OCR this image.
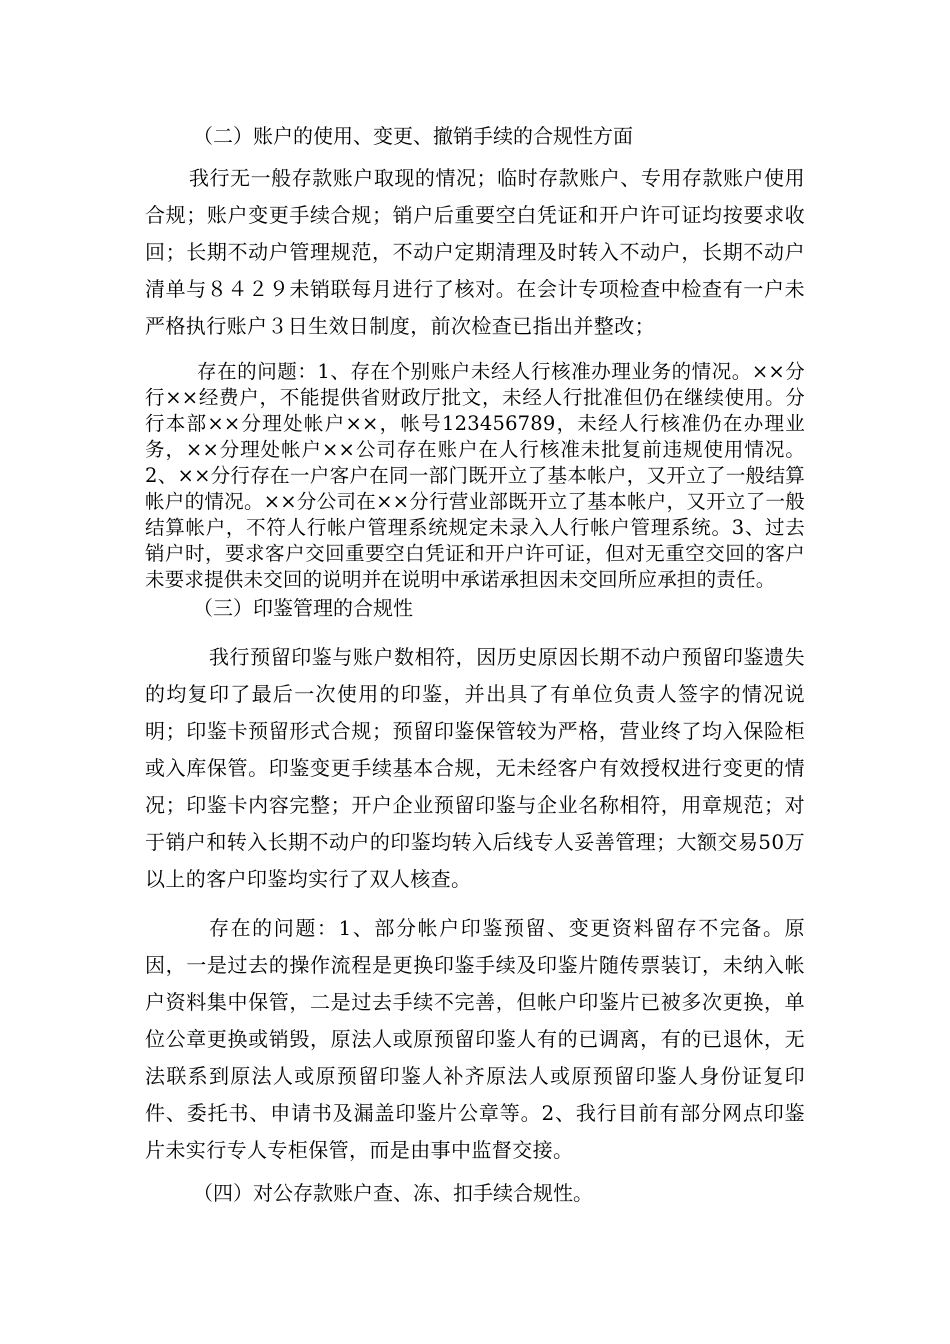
（二）账户的使用、变更、撤销手续的合规性方面

我行无一般存款账户取现的情况；临时存款账户、专用存款账户使用合规；账户变更手续合规；销户后重要空白凭证和开户许可证均按要求收回；长期不动户管理规范，不动户定期清理及时转入不动户，长期不动户清单与８４２９未销联每月进行了核对。在会计专项检查中检查有一户未严格执行账户３日生效日制度，前次检查已指出并整改；

存在的问题：1、存在个别账户未经人行核准办理业务的情况。××分行××经费户，不能提供省财政厅批文，未经人行批准但仍在继续使用。分行本部××分理处帐户××，帐号123456789，未经人行核准仍在办理业务，××分理处帐户××公司存在账户在人行核准未批复前违规使用情况。2、××分行存在一户客户在同一部门既开立了基本帐户，又开立了一般结算帐户的情况。××分公司在××分行营业部既开立了基本帐户，又开立了一般结算帐户，不符人行帐户管理系统规定未录入人行帐户管理系统。3、过去销户时，要求客户交回重要空白凭证和开户许可证，但对无重空交回的客户未要求提供未交回的说明并在说明中承诺承担因未交回所应承担的责任。

（三）印鉴管理的合规性

我行预留印鉴与账户数相符，因历史原因长期不动户预留印鉴遗失的均复印了最后一次使用的印鉴，并出具了有单位负责人签字的情况说明；印鉴卡预留形式合规；预留印鉴保管较为严格，营业终了均入保险柜或入库保管。印鉴变更手续基本合规，无未经客户有效授权进行变更的情况；印鉴卡内容完整；开户企业预留印鉴与企业名称相符，用章规范；对于销户和转入长期不动户的印鉴均转入后线专人妥善管理；大额交易50万以上的客户印鉴均实行了双人核查。

存在的问题：1、部分帐户印鉴预留、变更资料留存不完备。原因，一是过去的操作流程是更换印鉴手续及印鉴片随传票装订，未纳入帐户资料集中保管，二是过去手续不完善，但帐户印鉴片已被多次更换，单位公章更换或销毁，原法人或原预留印鉴人有的已调离，有的已退休，无法联系到原法人或原预留印鉴人补齐原法人或原预留印鉴人身份证复印件、委托书、申请书及漏盖印鉴片公章等。2、我行目前有部分网点印鉴片未实行专人专柜保管，而是由事中监督交接。

（四）对公存款账户查、冻、扣手续合规性。
